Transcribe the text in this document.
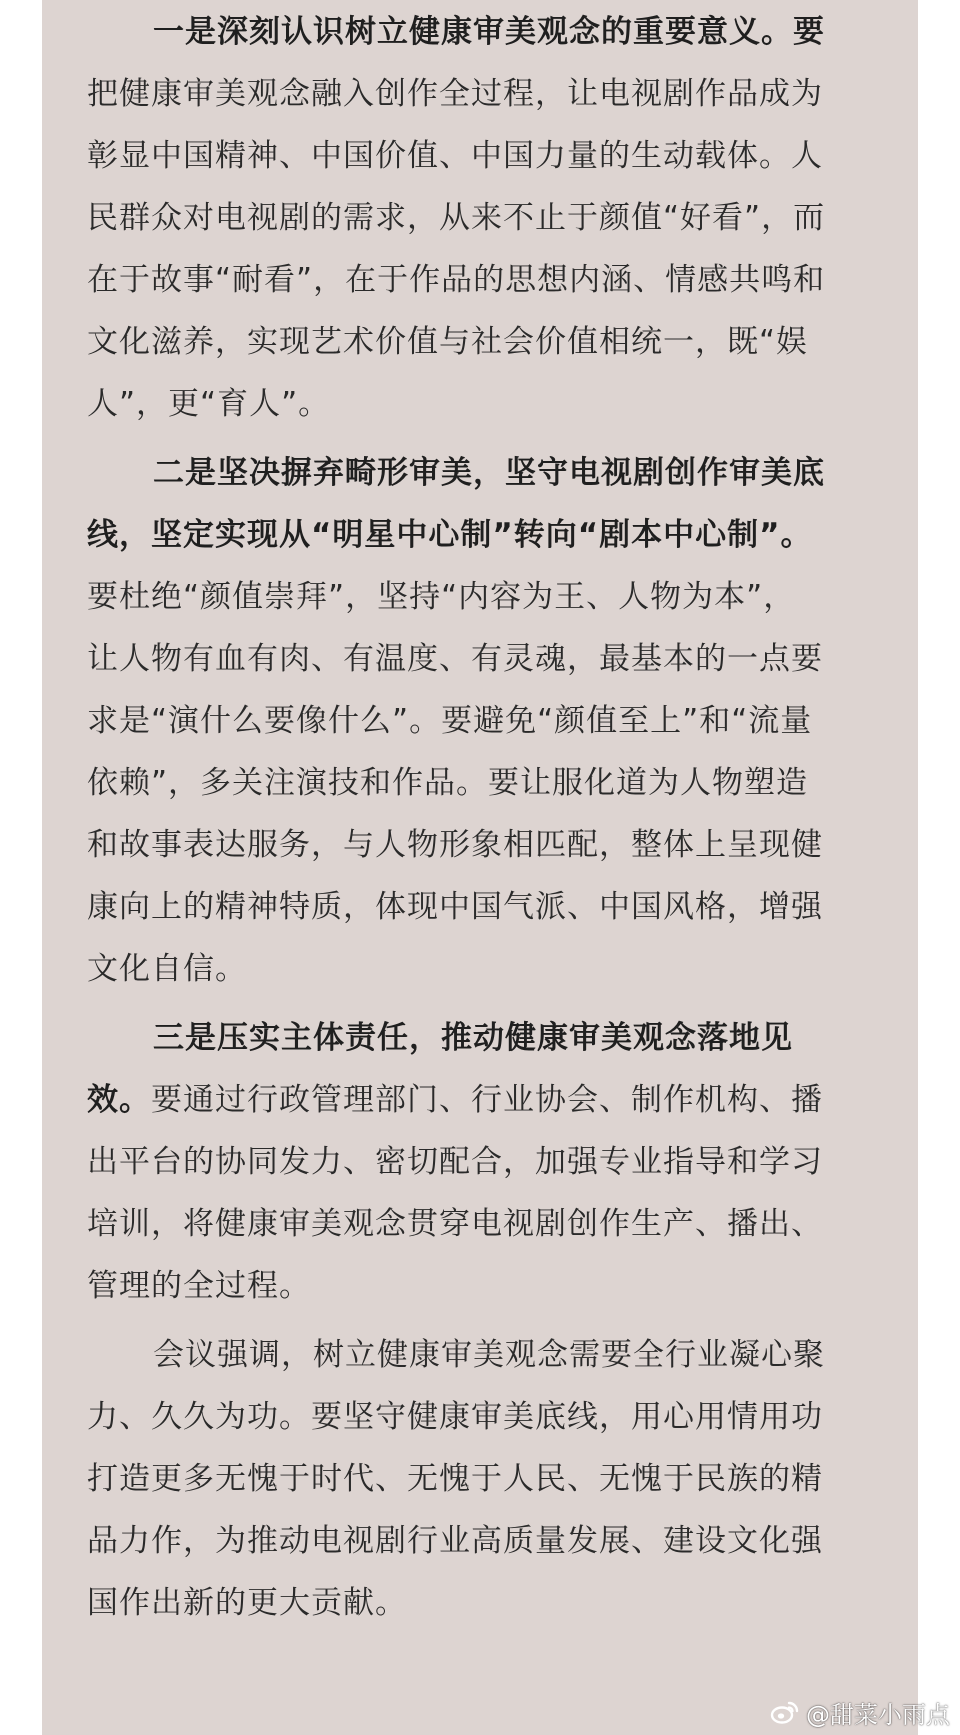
一是深刻认识树立健康审美观念的重要意义。要
把健康审美观念融入创作全过程，让电视剧作品成为
彰显中国精神、中国价值、中国力量的生动载体。人
民群众对电视剧的需求，从来不止于颜值“好看”，而
在于故事“耐看”，在于作品的思想内涵、情感共鸣和
文化滋养，实现艺术价值与社会价值相统一，既“娱
人”，更“育人”。
二是坚决摒弃畸形审美，坚守电视剧创作审美底
线，坚定实现从“明星中心制”转向“剧本中心制”。
要杜绝“颜值崇拜”，坚持“内容为王、人物为本”，
让人物有血有肉、有温度、有灵魂，最基本的一点要
求是“演什么要像什么”。要避免“颜值至上”和“流量
依赖”，多关注演技和作品。要让服化道为人物塑造
和故事表达服务，与人物形象相匹配，整体上呈现健
康向上的精神特质，体现中国气派、中国风格，增强
文化自信。
三是压实主体责任，推动健康审美观念落地见
效。要通过行政管理部门、行业协会、制作机构、播
出平台的协同发力、密切配合，加强专业指导和学习
培训，将健康审美观念贯穿电视剧创作生产、播出、
管理的全过程。
会议强调，树立健康审美观念需要全行业凝心聚
力、久久为功。要坚守健康审美底线，用心用情用功
打造更多无愧于时代、无愧于人民、无愧于民族的精
品力作，为推动电视剧行业高质量发展、建设文化强
国作出新的更大贡献。
@甜菜小雨点
